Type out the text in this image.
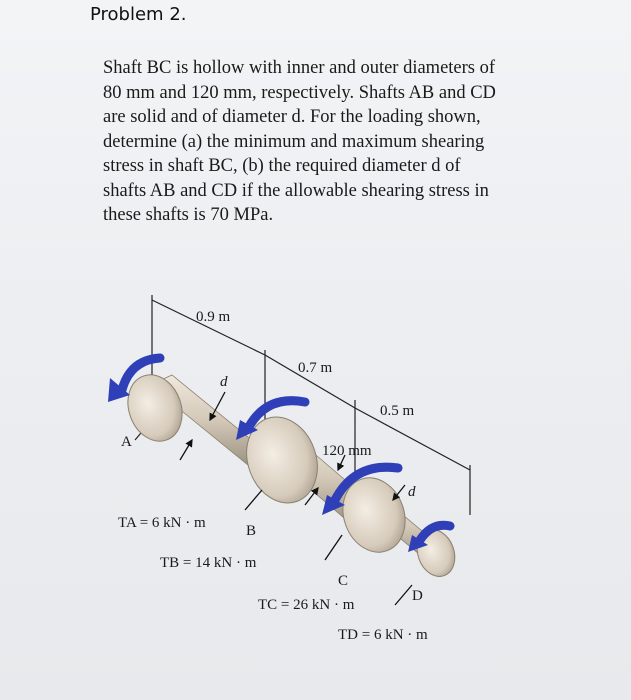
Problem 2.
Shaft BC is hollow with inner and outer diameters of
80 mm and 120 mm, respectively. Shafts AB and CD
are solid and of diameter d. For the loading shown,
determine (a) the minimum and maximum shearing
stress in shaft BC, (b) the required diameter d of
shafts AB and CD if the allowable shearing stress in
these shafts is 70 MPa.
0.9 m
0.7 m
0.5 m
d
d
120 mm
A
B
C
D
TA = 6 kN · m
TB = 14 kN · m
TC = 26 kN · m
TD = 6 kN · m
